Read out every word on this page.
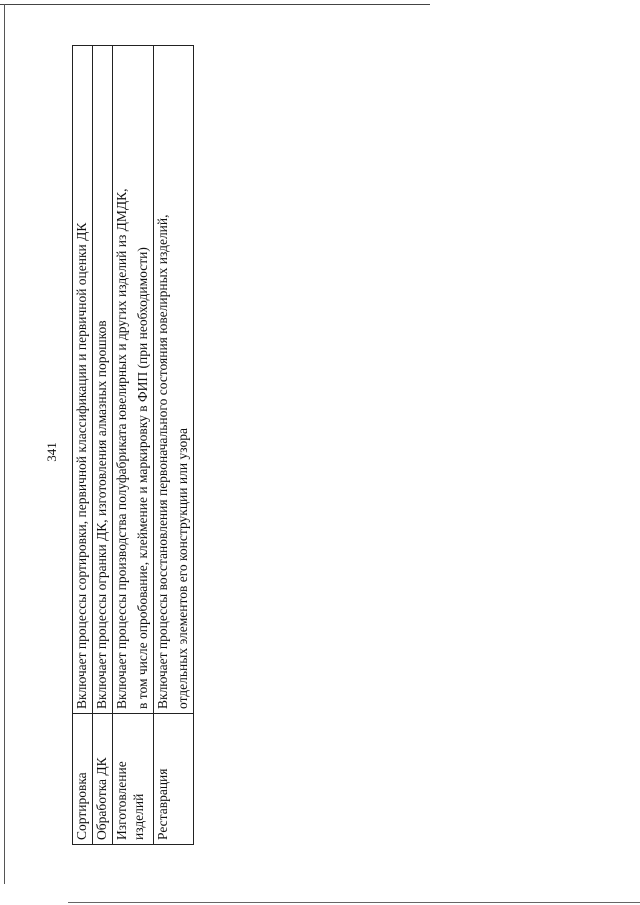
341
Сортировка	Включает процессы сортировки, первичной классификации и первичной оценки ДК

Обработка ДК	Включает процессы огранки ДК, изготовления алмазных порошков

Изготовление изделий	Включает процессы производства полуфабриката ювелирных и других изделий из ДМДК, в том числе опробование, клеймение и маркировку в ФИП (при необходимости)

Реставрация	Включает процессы восстановления первоначального состояния ювелирных изделий, отдельных элементов его конструкции или узора
